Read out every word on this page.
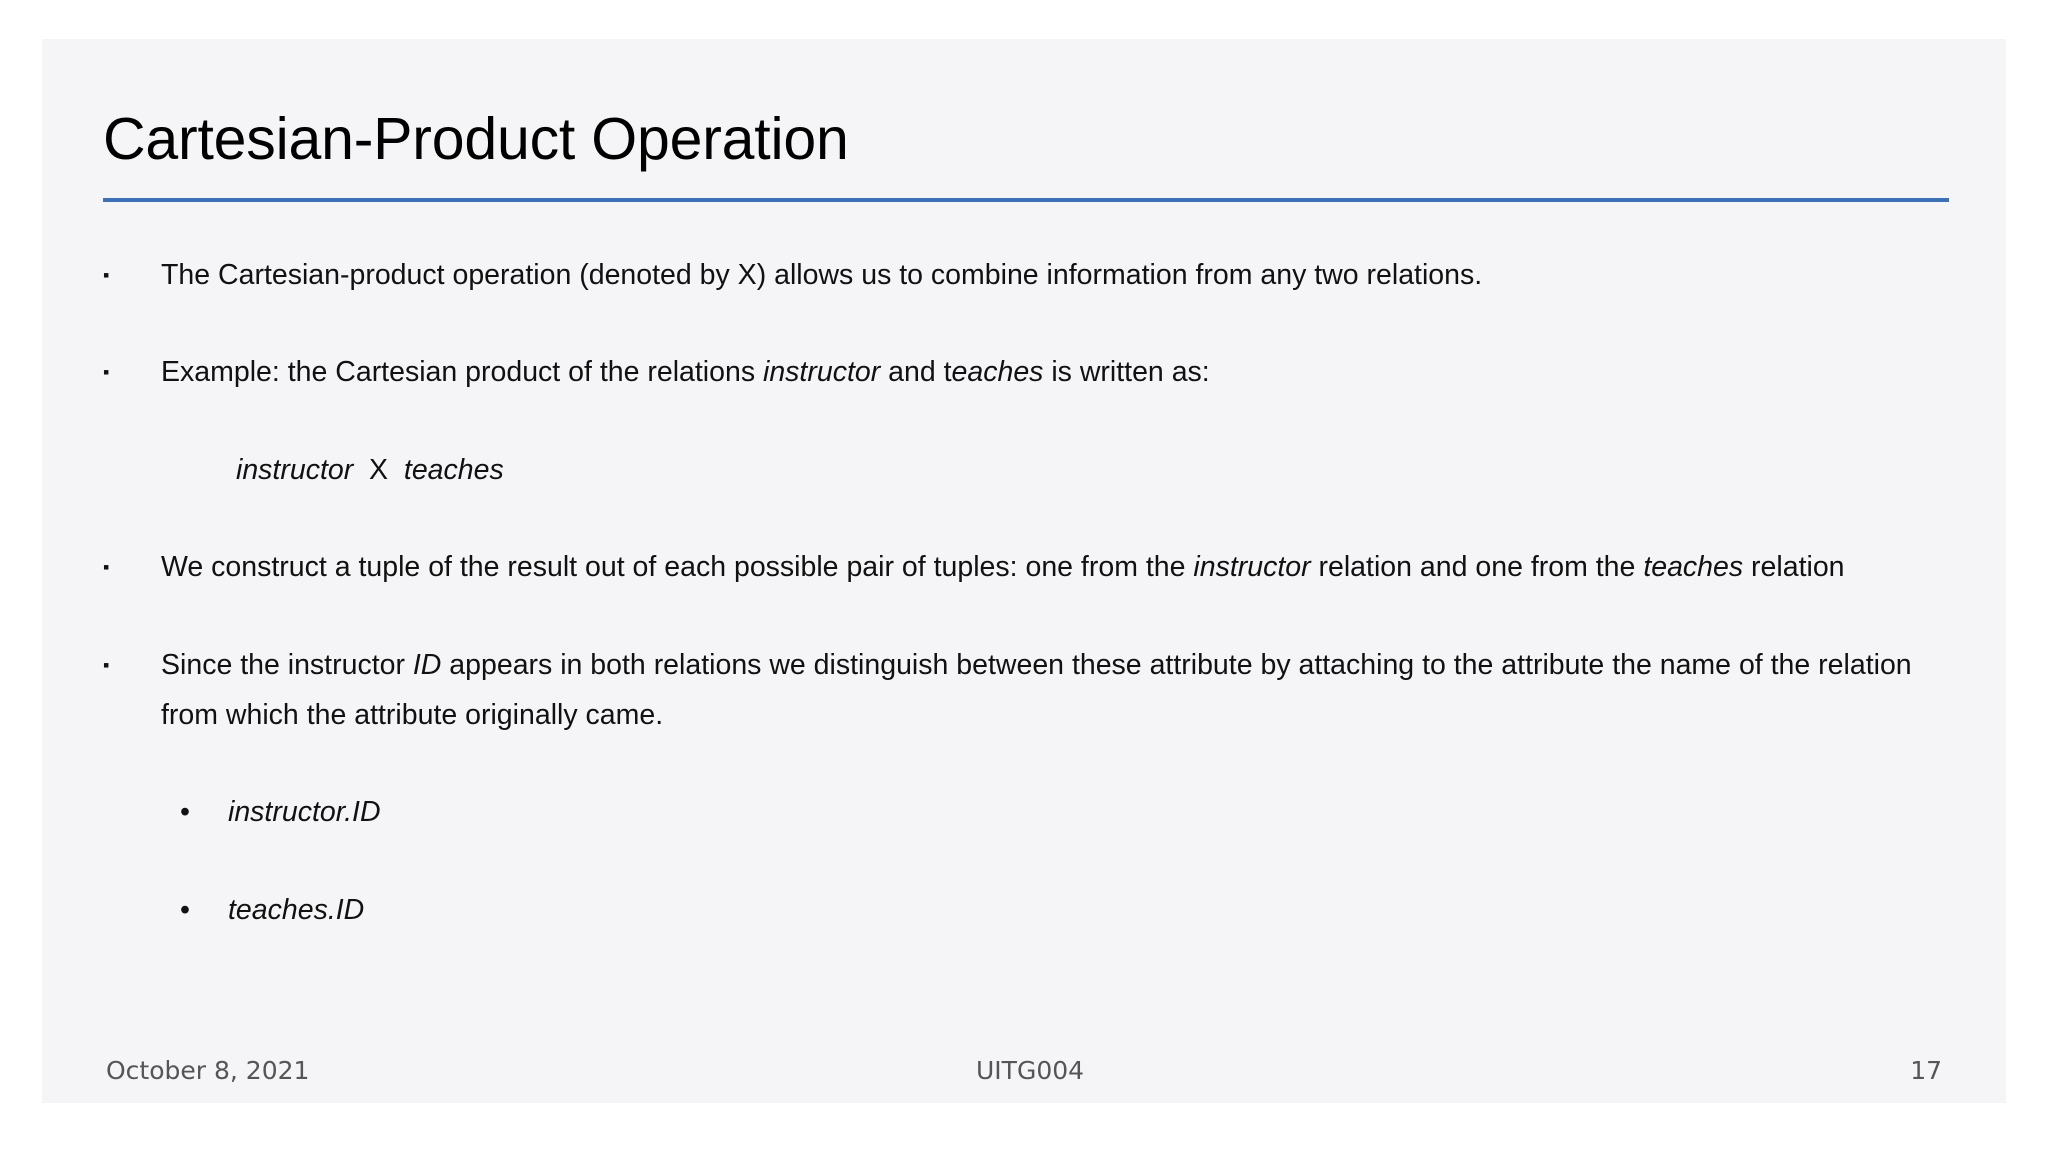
Cartesian-Product Operation
▪	The Cartesian-product operation (denoted by X) allows us to combine information from any two relations.
▪	Example: the Cartesian product of the relations instructor and teaches is written as:
instructor X teaches
▪	We construct a tuple of the result out of each possible pair of tuples: one from the instructor relation and one from the teaches relation
▪	Since the instructor ID appears in both relations we distinguish between these attribute by attaching to the attribute the name of the relation from which the attribute originally came.
•	instructor.ID
•	teaches.ID
October 8, 2021	UITG004	17
